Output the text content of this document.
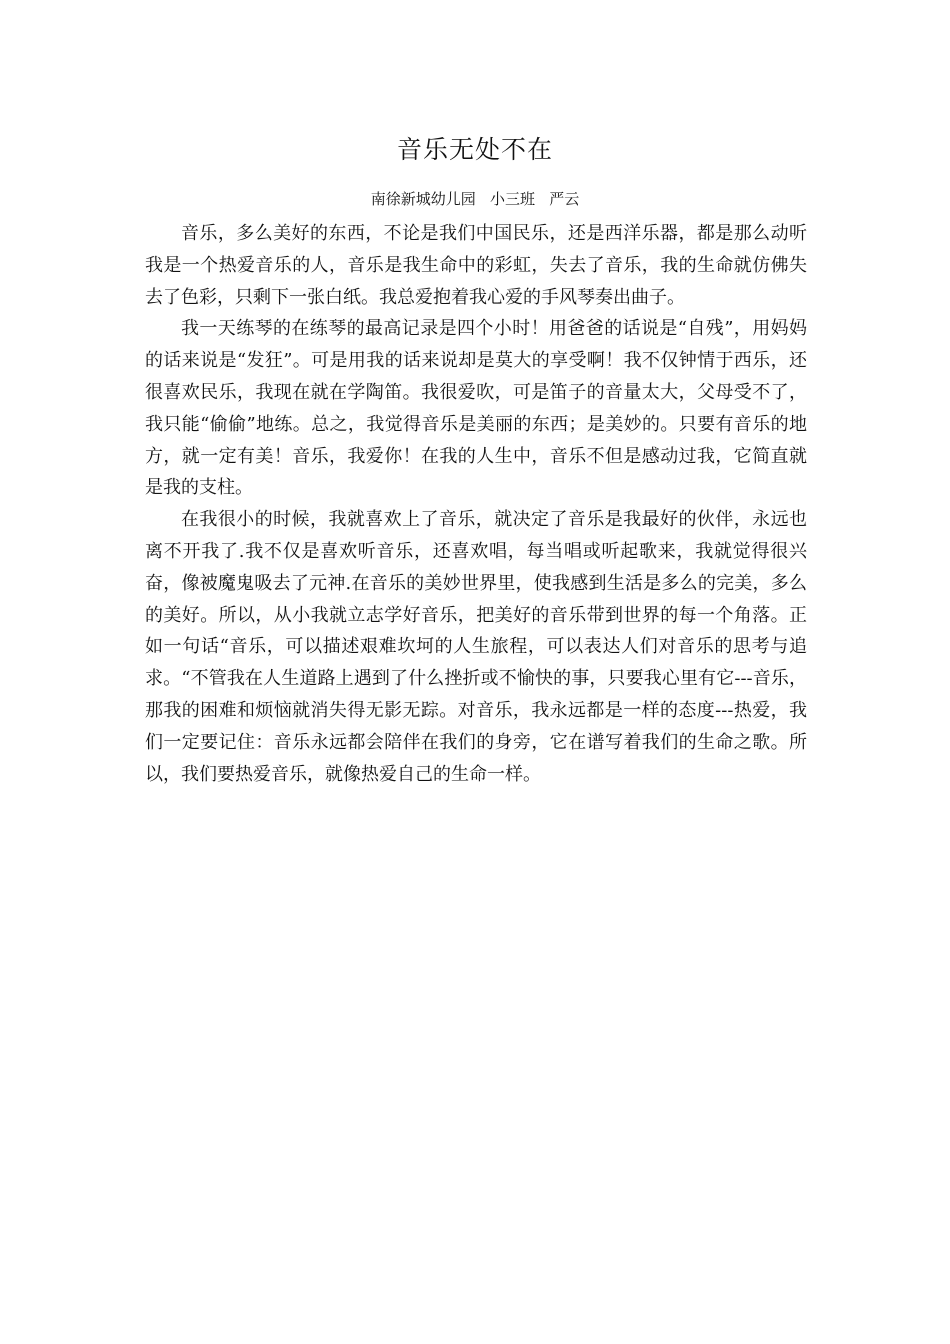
音乐无处不在
南徐新城幼儿园   小三班   严云

音乐，多么美好的东西，不论是我们中国民乐，还是西洋乐器，都是那么动听 我是一个热爱音乐的人，音乐是我生命中的彩虹，失去了音乐，我的生命就仿佛失去了色彩，只剩下一张白纸。我总爱抱着我心爱的手风琴奏出曲子。

我一天练琴的在练琴的最高记录是四个小时！用爸爸的话说是“自残”，用妈妈的话来说是“发狂”。可是用我的话来说却是莫大的享受啊！我不仅钟情于西乐，还很喜欢民乐，我现在就在学陶笛。我很爱吹，可是笛子的音量太大，父母受不了，我只能“偷偷”地练。总之，我觉得音乐是美丽的东西；是美妙的。只要有音乐的地方，就一定有美！音乐，我爱你！在我的人生中，音乐不但是感动过我，它简直就是我的支柱。

在我很小的时候，我就喜欢上了音乐，就决定了音乐是我最好的伙伴，永远也离不开我了.我不仅是喜欢听音乐，还喜欢唱，每当唱或听起歌来，我就觉得很兴奋，像被魔鬼吸去了元神.在音乐的美妙世界里，使我感到生活是多么的完美，多么的美好。所以，从小我就立志学好音乐，把美好的音乐带到世界的每一个角落。正如一句话“音乐，可以描述艰难坎坷的人生旅程，可以表达人们对音乐的思考与追求。“不管我在人生道路上遇到了什么挫折或不愉快的事，只要我心里有它---音乐，那我的困难和烦恼就消失得无影无踪。对音乐，我永远都是一样的态度---热爱，我们一定要记住：音乐永远都会陪伴在我们的身旁，它在谱写着我们的生命之歌。所以，我们要热爱音乐，就像热爱自己的生命一样。
